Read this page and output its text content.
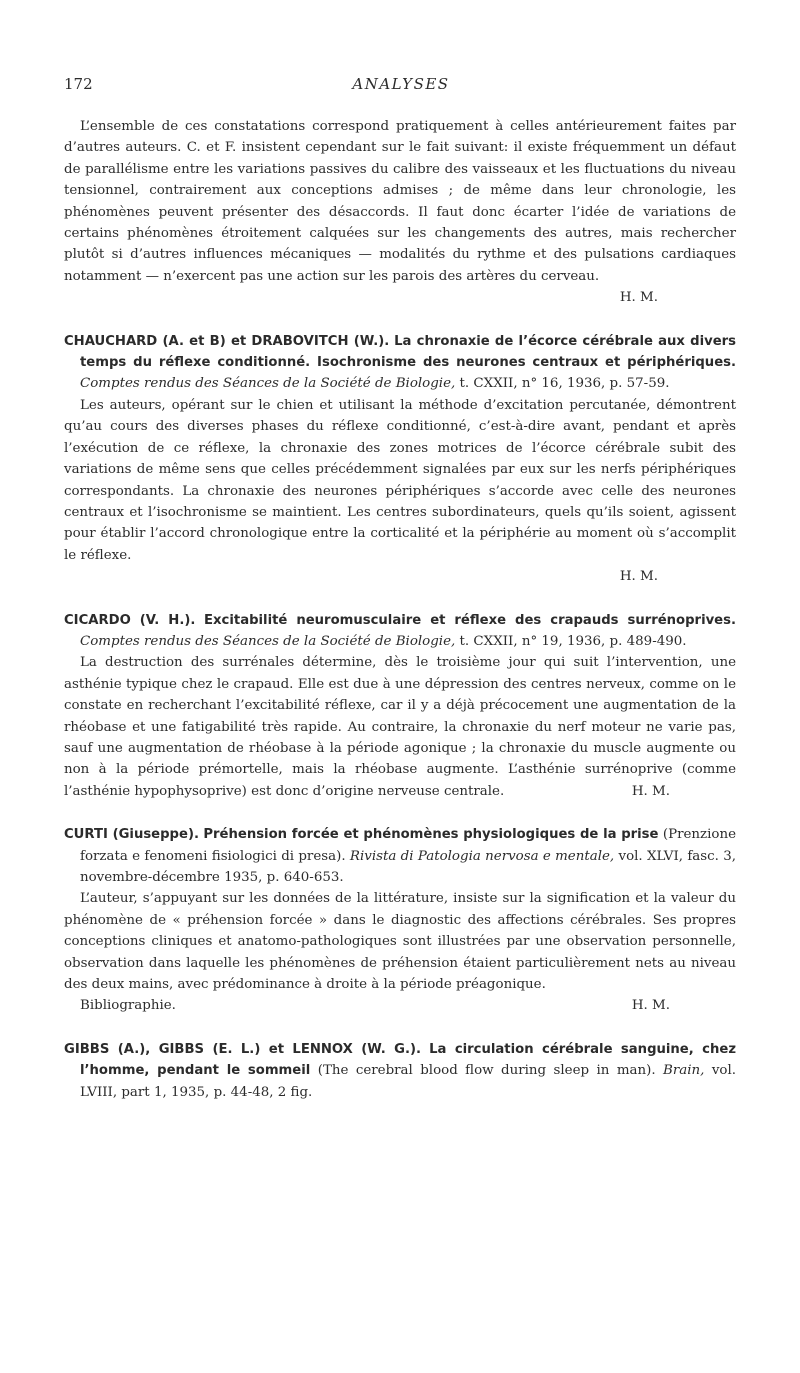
172	ANALYSES

L’ensemble de ces constatations correspond pratiquement à celles antérieurement faites par d’autres auteurs. C. et F. insistent cependant sur le fait suivant: il existe fréquemment un défaut de parallélisme entre les variations passives du calibre des vaisseaux et les fluctuations du niveau tensionnel, contrairement aux conceptions admises ; de même dans leur chronologie, les phénomènes peuvent présenter des désaccords. Il faut donc écarter l’idée de variations de certains phénomènes étroitement calquées sur les changements des autres, mais rechercher plutôt si d’autres influences mécaniques — modalités du rythme et des pulsations cardiaques notamment — n’exercent pas une action sur les parois des artères du cerveau.

H. M.

CHAUCHARD (A. et B) et DRABOVITCH (W.). La chronaxie de l’écorce cérébrale aux divers temps du réflexe conditionné. Isochronisme des neurones centraux et périphériques. Comptes rendus des Séances de la Société de Biologie, t. CXXII, n° 16, 1936, p. 57-59.

Les auteurs, opérant sur le chien et utilisant la méthode d’excitation percutanée, démontrent qu’au cours des diverses phases du réflexe conditionné, c’est-à-dire avant, pendant et après l’exécution de ce réflexe, la chronaxie des zones motrices de l’écorce cérébrale subit des variations de même sens que celles précédemment signalées par eux sur les nerfs périphériques correspondants. La chronaxie des neurones périphériques s’accorde avec celle des neurones centraux et l’isochronisme se maintient. Les centres subordinateurs, quels qu’ils soient, agissent pour établir l’accord chronologique entre la corticalité et la périphérie au moment où s’accomplit le réflexe.

H. M.

CICARDO (V. H.). Excitabilité neuromusculaire et réflexe des crapauds surrénoprives. Comptes rendus des Séances de la Société de Biologie, t. CXXII, n° 19, 1936, p. 489-490.

La destruction des surrénales détermine, dès le troisième jour qui suit l’intervention, une asthénie typique chez le crapaud. Elle est due à une dépression des centres nerveux, comme on le constate en recherchant l’excitabilité réflexe, car il y a déjà précocement une augmentation de la rhéobase et une fatigabilité très rapide. Au contraire, la chronaxie du nerf moteur ne varie pas, sauf une augmentation de rhéobase à la période agonique ; la chronaxie du muscle augmente ou non à la période prémortelle, mais la rhéobase augmente. L’asthénie surrénoprive (comme l’asthénie hypophysoprive) est donc d’origine nerveuse centrale.	H. M.

CURTI (Giuseppe). Préhension forcée et phénomènes physiologiques de la prise (Prenzione forzata e fenomeni fisiologici di presa). Rivista di Patologia nervosa e mentale, vol. XLVI, fasc. 3, novembre-décembre 1935, p. 640-653.

L’auteur, s’appuyant sur les données de la littérature, insiste sur la signification et la valeur du phénomène de « préhension forcée » dans le diagnostic des affections cérébrales. Ses propres conceptions cliniques et anatomo-pathologiques sont illustrées par une observation personnelle, observation dans laquelle les phénomènes de préhension étaient particulièrement nets au niveau des deux mains, avec prédominance à droite à la période préagonique.

Bibliographie.	H. M.

GIBBS (A.), GIBBS (E. L.) et LENNOX (W. G.). La circulation cérébrale sanguine, chez l’homme, pendant le sommeil (The cerebral blood flow during sleep in man). Brain, vol. LVIII, part 1, 1935, p. 44-48, 2 fig.
